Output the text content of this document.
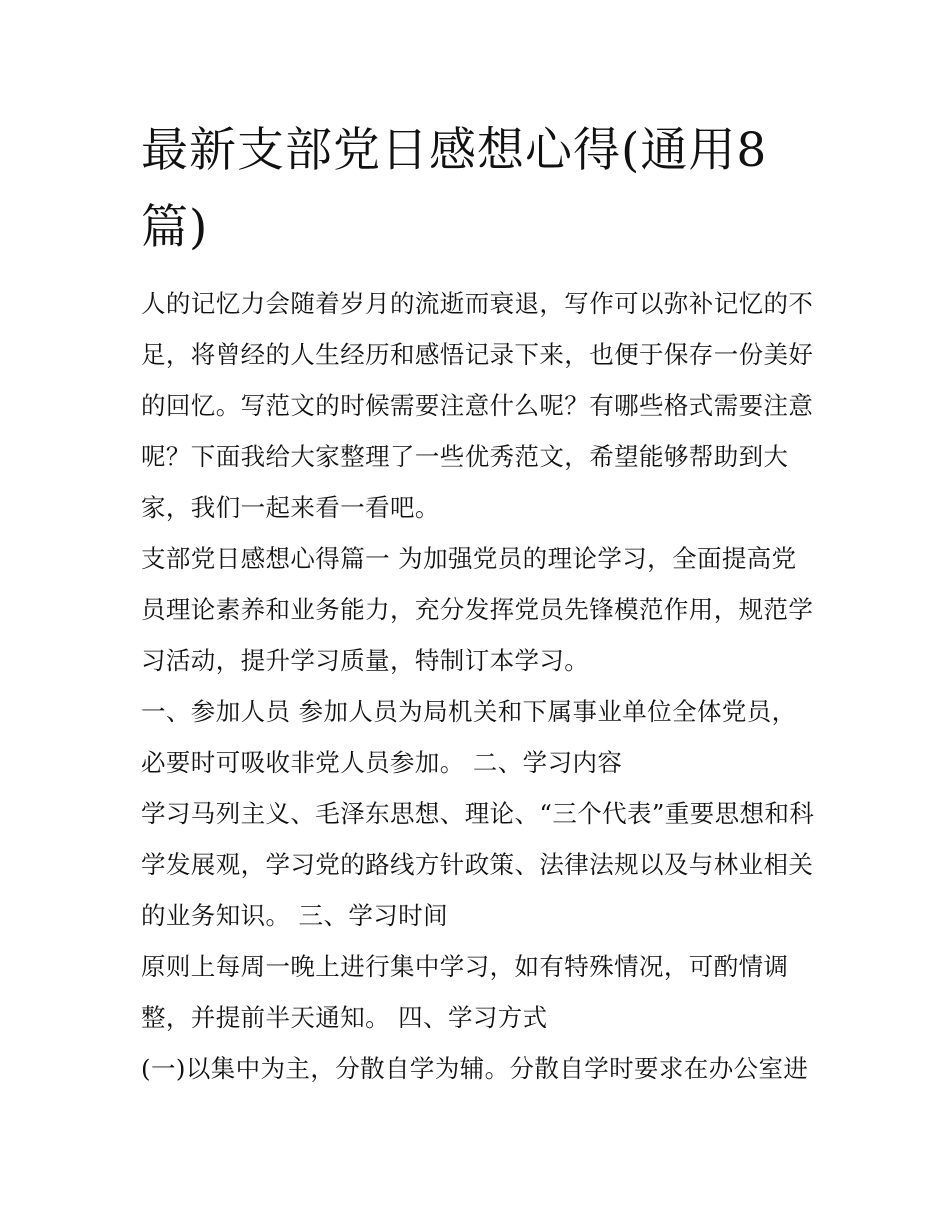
最新支部党日感想心得(通用8篇)

人的记忆力会随着岁月的流逝而衰退，写作可以弥补记忆的不足，将曾经的人生经历和感悟记录下来，也便于保存一份美好的回忆。写范文的时候需要注意什么呢？有哪些格式需要注意呢？下面我给大家整理了一些优秀范文，希望能够帮助到大家，我们一起来看一看吧。

支部党日感想心得篇一 为加强党员的理论学习，全面提高党员理论素养和业务能力，充分发挥党员先锋模范作用，规范学习活动，提升学习质量，特制订本学习。

一、参加人员 参加人员为局机关和下属事业单位全体党员，必要时可吸收非党人员参加。 二、学习内容

学习马列主义、毛泽东思想、理论、“三个代表”重要思想和科学发展观，学习党的路线方针政策、法律法规以及与林业相关的业务知识。 三、学习时间

原则上每周一晚上进行集中学习，如有特殊情况，可酌情调整，并提前半天通知。 四、学习方式

(一)以集中为主，分散自学为辅。分散自学时要求在办公室进
